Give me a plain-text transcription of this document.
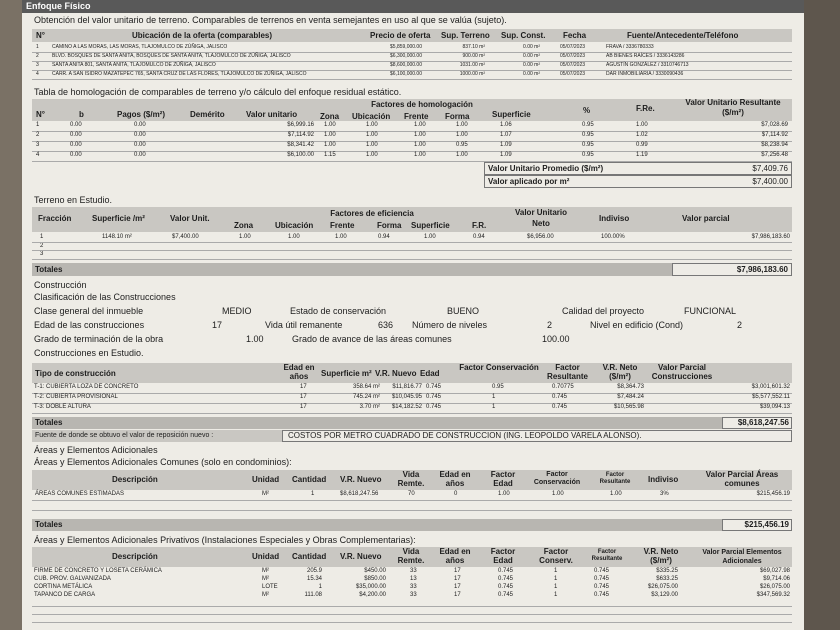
Enfoque Físico
Obtención del valor unitario de terreno. Comparables de terrenos en venta semejantes en uso al que se valúa (sujeto).
N°	Ubicación de la oferta (comparables)	Precio de oferta Sup. Terreno Sup. Const. Fecha	Fuente/Antecedente/Teléfono
1	CAMINO A LAS MORAS, LAS MORAS, TLAJOMULCO DE ZÚÑIGA, JALISCO	$5,859,000.00	837.10 m²	0.00 m²	05/07/2023	FRAVA / 3336780333
2	BLVD. BOSQUES DE SANTA ANITA, BOSQUES DE SANTA ANITA, TLAJOMULCO DE ZÚÑIGA, JALISCO	$6,300,000.00	900.00 m²	0.00 m²	05/07/2023	AB BIENES RAÍCES / 3336143286
3	SANTA ANITA 801, SANTA ANITA, TLAJOMULCO DE ZÚÑIGA, JALISCO	$8,600,000.00	1031.00 m²	0.00 m²	05/07/2023	AGUSTÍN GONZÁLEZ / 3310746713
4	CARR. A SAN ISIDRO MAZATEPEC 765, SANTA CRUZ DE LAS FLORES, TLAJOMULCO DE ZÚÑIGA, JALISCO	$6,100,000.00	1000.00 m²	0.00 m²	05/07/2023	DAR INMOBILIARIA / 3330090436
Tabla de homologación de comparables de terreno y/o cálculo del enfoque residual estático.
Factores de homologación
N°	b	Pagos ($/m²)	Demérito	Valor unitario	Zona Ubicación Frente Forma	Superficie	%	F.Re.
Valor Unitario Resultante ($/m²)
1	0.00	0.00	$6,999.16 1.00	1.00	1.00	1.00	1.06	0.95	1.00	$7,028.69
2	0.00	0.00	$7,114.92 1.00	1.00	1.00	1.00	1.07	0.95	1.02	$7,114.92
3	0.00	0.00	$8,341.42 1.00	1.00	1.00	0.95	1.09	0.95	0.99	$8,238.94
4	0.00	0.00	$6,100.00 1.15	1.00	1.00	1.00	1.09	0.95	1.19	$7,256.48
Valor Unitario Promedio ($/m²)	$7,409.76
Valor aplicado por m²	$7,400.00
Terreno en Estudio.
Factores de eficiencia
Fracción	Superficie /m²	Valor Unit.
Zona	Ubicación Frente	Forma Superficie	F.R.
Valor Unitario Neto
Indiviso	Valor parcial
1	1148.10 m²	$7,400.00	1.00	1.00	1.00	0.94	1.00	0.94	$6,956.00	100.00%	$7,986,183.60
2
3
Totales	$7,986,183.60
Construcción
Clasificación de las Construcciones
Clase general del inmueble	MEDIO	Estado de conservación	BUENO	Calidad del proyecto	FUNCIONAL
Edad de las construcciones	17	Vida útil remanente	636 Número de niveles	2	Nivel en edificio (Cond)	2
Grado de terminación de la obra	1.00	Grado de avance de las áreas comunes	100.00
Construcciones en Estudio.
Tipo de construcción
Edad en años	Superficie m² V.R. Nuevo Edad
Factor Conservación	Factor Resultante
V.R. Neto ($/m²)
Valor Parcial Construcciones
T-1: CUBIERTA LOZA DE CONCRETO	17	358.64 m²	$11,816.77 0.745	0.95	0.70775	$8,364.73	$3,001,601.32
T-2: CUBIERTA PROVISIONAL	17	745.24 m²	$10,045.95 0.745	1	0.745	$7,484.24	$5,577,552.11
T-3: DOBLE ALTURA	17	3.70 m²	$14,182.52 0.745	1	0.745	$10,565.98	$39,094.13
Totales	$8,618,247.56
Fuente de donde se obtuvo el valor de reposición nuevo :	COSTOS POR METRO CUADRADO DE CONSTRUCCION (ING. LEOPOLDO VARELA ALONSO).
Áreas y Elementos Adicionales
Áreas y Elementos Adicionales Comunes (solo en condominios):
Descripción	Unidad Cantidad V.R. Nuevo
Vida Remte.
Edad en años
Factor Edad
Factor Conservación
Factor Resultante	Indiviso
Valor Parcial Áreas comunes
ÁREAS COMUNES ESTIMADAS	M²	1	$8,618,247.56	70	0	1.00	1.00	1.00	3%	$215,456.19
Totales	$215,456.19
Áreas y Elementos Adicionales Privativos (Instalaciones Especiales y Obras Complementarias):
Descripción	Unidad Cantidad V.R. Nuevo
Vida Remte.
Edad en años
Factor Edad
Factor Conserv.
Factor Resultante
V.R. Neto ($/m²)
Valor Parcial Elementos Adicionales
FIRME DE CONCRETO Y LOSETA CERÁMICA	M²	205.9	$450.00	33	17	0.745	1	0.745	$335.25	$69,027.98
CUB. PROV. GALVANIZADA	M²	15.34	$850.00	13	17	0.745	1	0.745	$633.25	$9,714.06
CORTINA METÁLICA	LOTE	1	$35,000.00	33	17	0.745	1	0.745	$26,075.00	$26,075.00
TAPANCO DE CARGA	M²	111.08	$4,200.00	33	17	0.745	1	0.745	$3,129.00	$347,569.32
